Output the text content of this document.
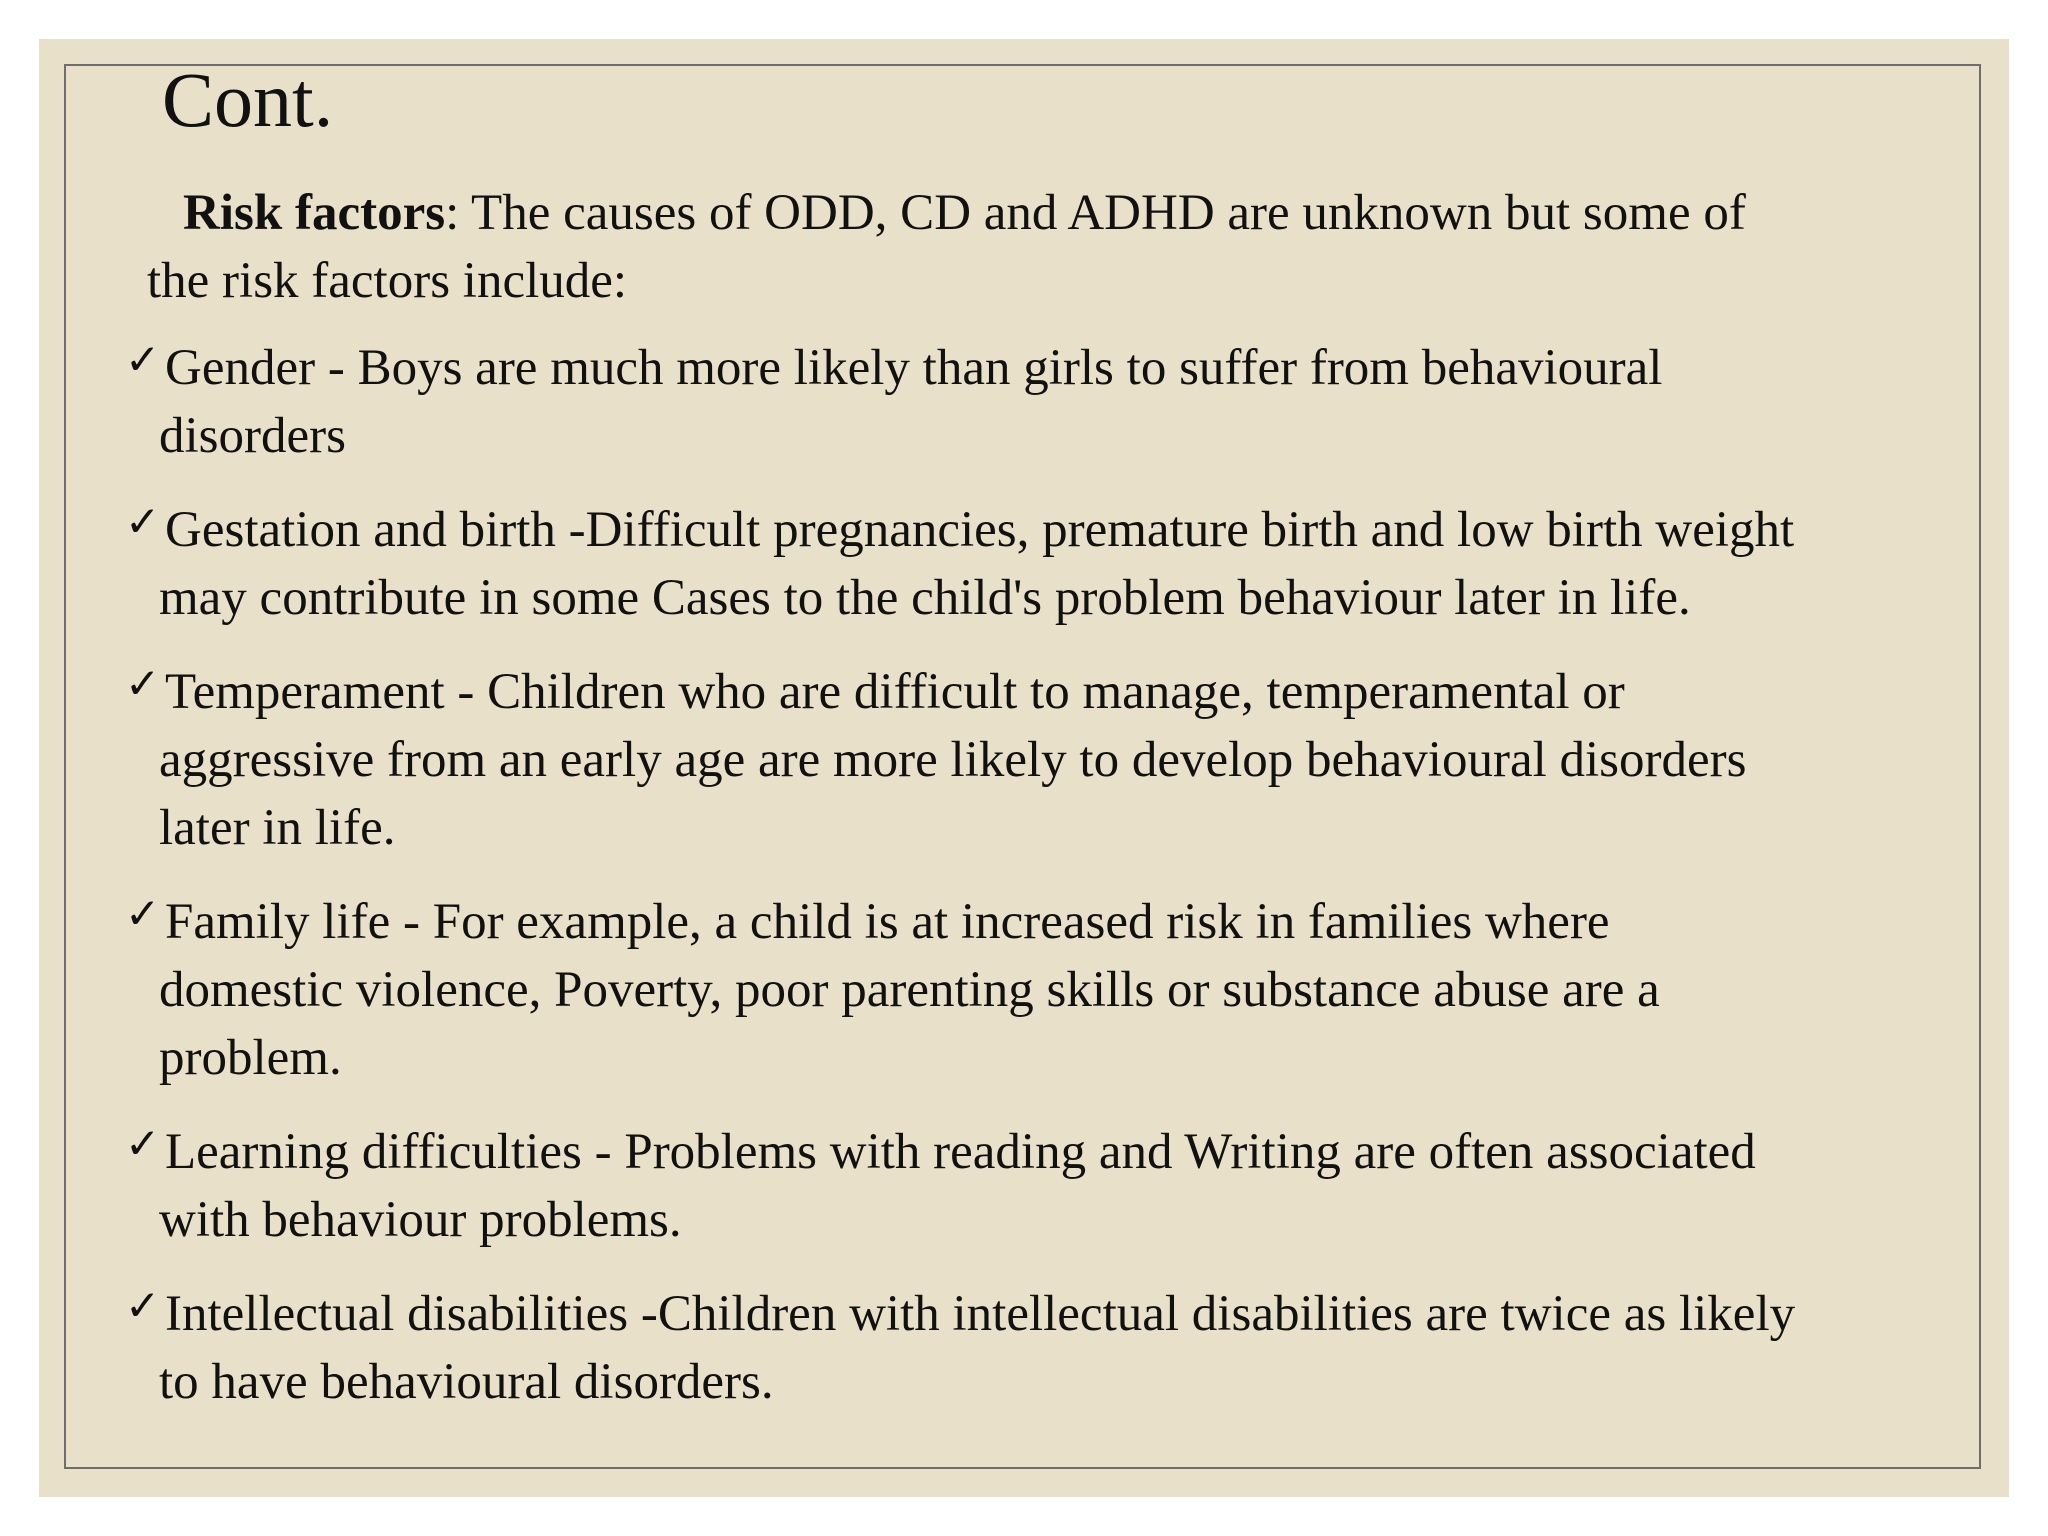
Cont.

Risk factors: The causes of ODD, CD and ADHD are unknown but some of
the risk factors include:

✓ Gender - Boys are much more likely than girls to suffer from behavioural
disorders
✓ Gestation and birth -Difficult pregnancies, premature birth and low birth weight
may contribute in some Cases to the child's problem behaviour later in life.
✓ Temperament - Children who are difficult to manage, temperamental or
aggressive from an early age are more likely to develop behavioural disorders
later in life.
✓ Family life - For example, a child is at increased risk in families where
domestic violence, Poverty, poor parenting skills or substance abuse are a
problem.
✓ Learning difficulties - Problems with reading and Writing are often associated
with behaviour problems.
✓ Intellectual disabilities -Children with intellectual disabilities are twice as likely
to have behavioural disorders.
